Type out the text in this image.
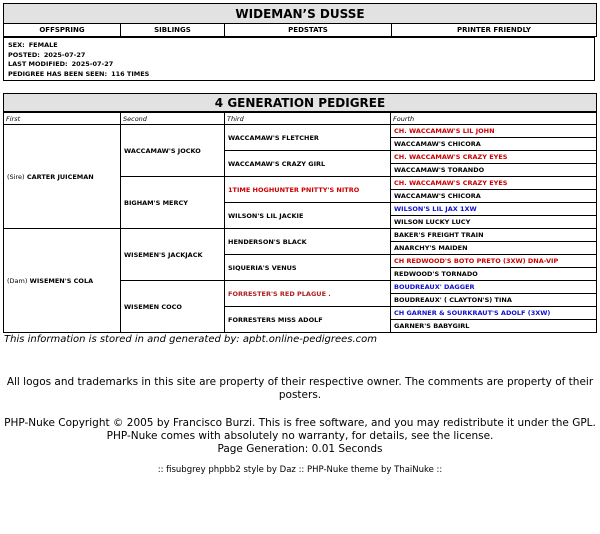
WIDEMAN’S DUSSE
OFFSPRING	SIBLINGS	PEDSTATS	PRINTER FRIENDLY
SEX: FEMALE
POSTED: 2025-07-27
LAST MODIFIED: 2025-07-27
PEDIGREE HAS BEEN SEEN: 116 TIMES
4 GENERATION PEDIGREE
First	Second	Third	Fourth
(Sire) CARTER JUICEMAN	WACCAMAW'S JOCKO	WACCAMAW'S FLETCHER	CH. WACCAMAW'S LIL JOHN
			WACCAMAW'S CHICORA
		WACCAMAW'S CRAZY GIRL	CH. WACCAMAW'S CRAZY EYES
			WACCAMAW'S TORANDO
	BIGHAM'S MERCY	1TIME HOGHUNTER PNITTY'S NITRO	CH. WACCAMAW'S CRAZY EYES
			WACCAMAW'S CHICORA
		WILSON'S LIL JACKIE	WILSON'S LIL JAX 1XW
			WILSON LUCKY LUCY
(Dam) WISEMEN'S COLA	WISEMEN'S JACKJACK	HENDERSON'S BLACK	BAKER'S FREIGHT TRAIN
			ANARCHY'S MAIDEN
		SIQUERIA'S VENUS	CH REDWOOD'S BOTO PRETO (3XW) DNA-VIP
			REDWOOD'S TORNADO
	WISEMEN COCO	FORRESTER'S RED PLAGUE .	BOUDREAUX' DAGGER
			BOUDREAUX' ( CLAYTON'S) TINA
		FORRESTERS MISS ADOLF	CH GARNER & SOURKRAUT'S ADOLF (3XW)
			GARNER'S BABYGIRL
This information is stored in and generated by: apbt.online-pedigrees.com
All logos and trademarks in this site are property of their respective owner. The comments are property of their posters.
PHP-Nuke Copyright © 2005 by Francisco Burzi. This is free software, and you may redistribute it under the GPL. PHP-Nuke comes with absolutely no warranty, for details, see the license.
Page Generation: 0.01 Seconds
:: fisubgrey phpbb2 style by Daz :: PHP-Nuke theme by ThaiNuke ::
